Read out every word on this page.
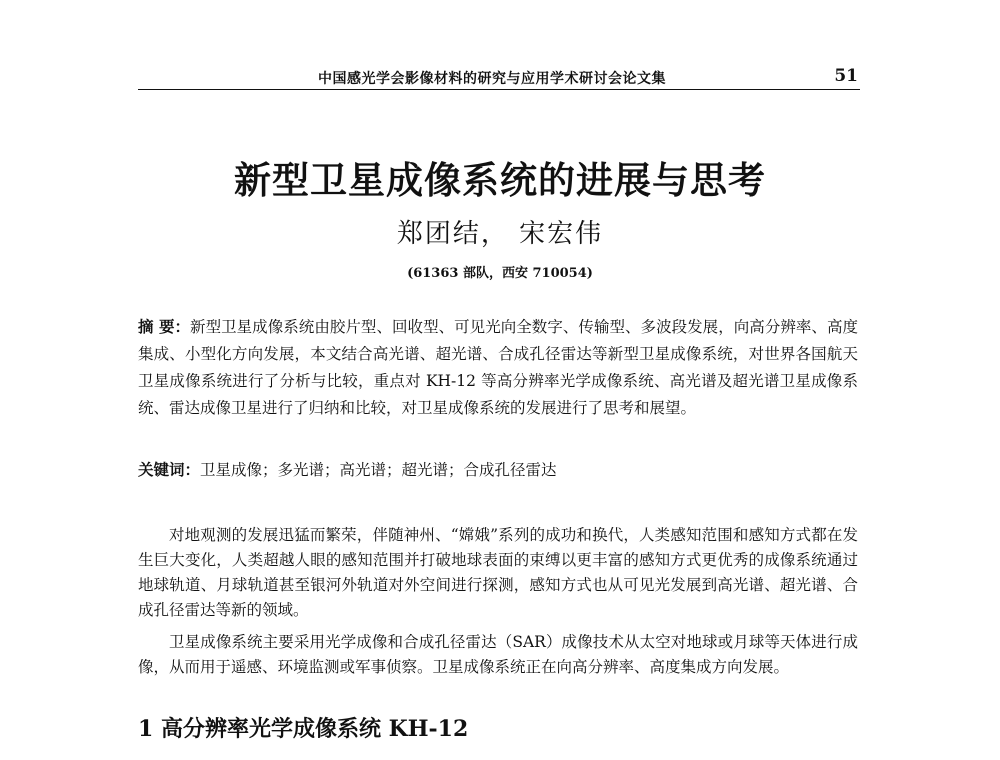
中国感光学会影像材料的研究与应用学术研讨会论文集	51
新型卫星成像系统的进展与思考
郑团结， 宋宏伟
(61363 部队，西安 710054)

摘 要：新型卫星成像系统由胶片型、回收型、可见光向全数字、传输型、多波段发展，向高分辨率、高度集成、小型化方向发展，本文结合高光谱、超光谱、合成孔径雷达等新型卫星成像系统，对世界各国航天卫星成像系统进行了分析与比较，重点对 KH-12 等高分辨率光学成像系统、高光谱及超光谱卫星成像系统、雷达成像卫星进行了归纳和比较，对卫星成像系统的发展进行了思考和展望。

关键词：卫星成像；多光谱；高光谱；超光谱；合成孔径雷达

对地观测的发展迅猛而繁荣，伴随神州、“嫦娥”系列的成功和换代，人类感知范围和感知方式都在发生巨大变化，人类超越人眼的感知范围并打破地球表面的束缚以更丰富的感知方式更优秀的成像系统通过地球轨道、月球轨道甚至银河外轨道对外空间进行探测，感知方式也从可见光发展到高光谱、超光谱、合成孔径雷达等新的领域。

卫星成像系统主要采用光学成像和合成孔径雷达（SAR）成像技术从太空对地球或月球等天体进行成像，从而用于遥感、环境监测或军事侦察。卫星成像系统正在向高分辨率、高度集成方向发展。

1 高分辨率光学成像系统 KH-12
